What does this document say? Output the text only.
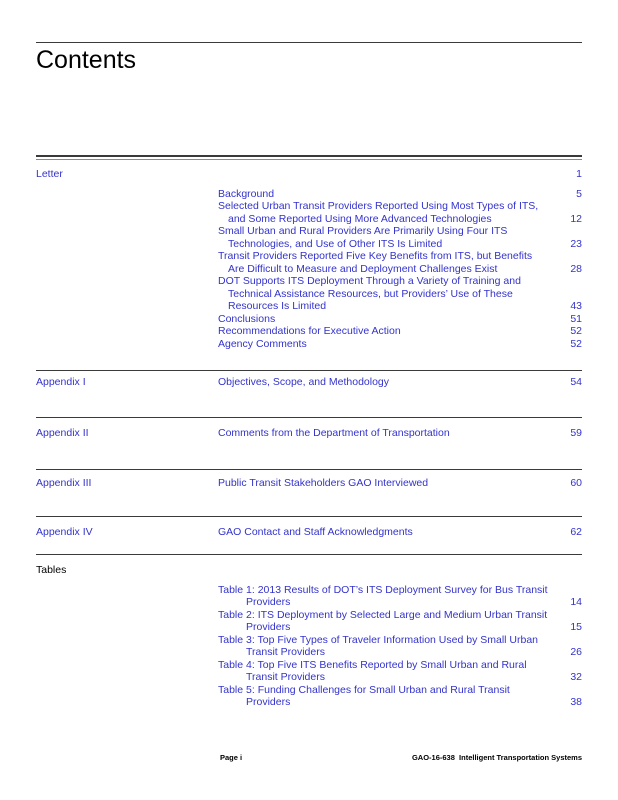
Contents
Letter	1
Background	5
Selected Urban Transit Providers Reported Using Most Types of ITS, and Some Reported Using More Advanced Technologies	12
Small Urban and Rural Providers Are Primarily Using Four ITS Technologies, and Use of Other ITS Is Limited	23
Transit Providers Reported Five Key Benefits from ITS, but Benefits Are Difficult to Measure and Deployment Challenges Exist	28
DOT Supports ITS Deployment Through a Variety of Training and Technical Assistance Resources, but Providers’ Use of These Resources Is Limited	43
Conclusions	51
Recommendations for Executive Action	52
Agency Comments	52
Appendix I	Objectives, Scope, and Methodology	54
Appendix II	Comments from the Department of Transportation	59
Appendix III	Public Transit Stakeholders GAO Interviewed	60
Appendix IV	GAO Contact and Staff Acknowledgments	62
Tables
Table 1: 2013 Results of DOT’s ITS Deployment Survey for Bus Transit Providers	14
Table 2: ITS Deployment by Selected Large and Medium Urban Transit Providers	15
Table 3: Top Five Types of Traveler Information Used by Small Urban Transit Providers	26
Table 4: Top Five ITS Benefits Reported by Small Urban and Rural Transit Providers	32
Table 5: Funding Challenges for Small Urban and Rural Transit Providers	38
Page i	GAO-16-638  Intelligent Transportation Systems
